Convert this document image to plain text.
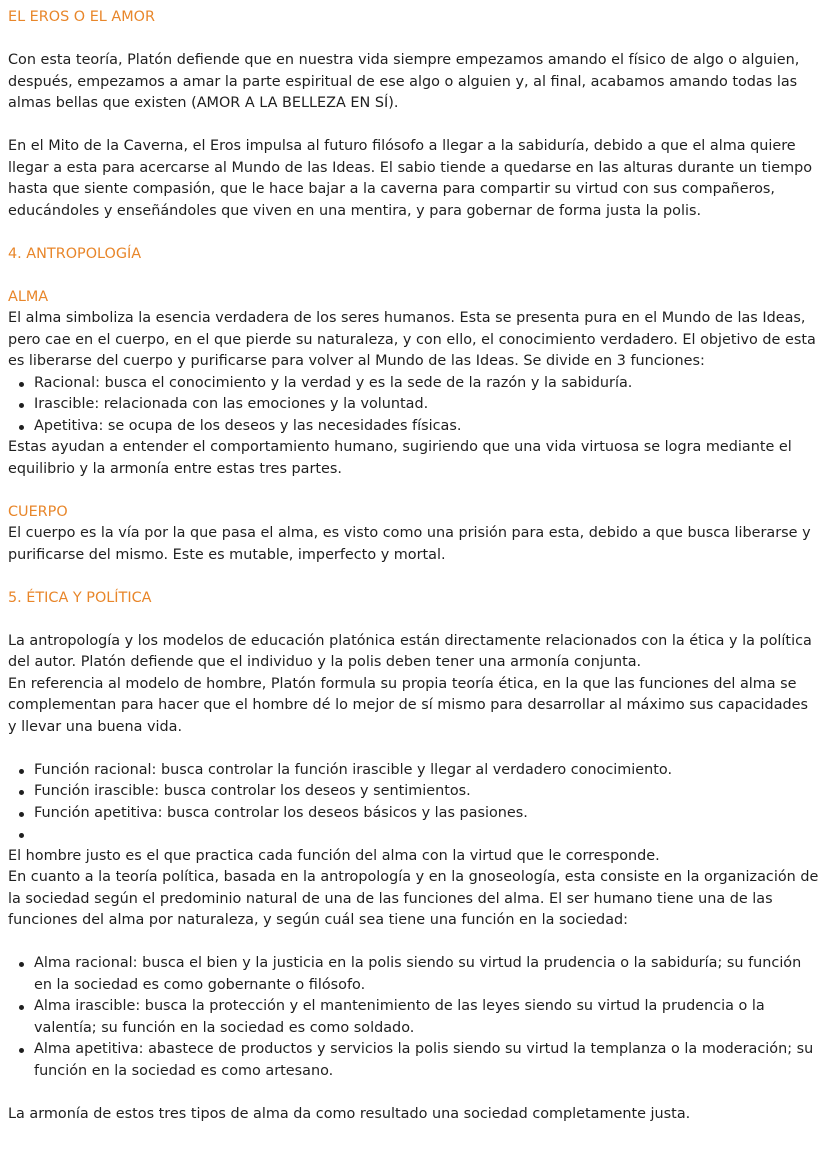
EL EROS O EL AMOR

Con esta teoría, Platón defiende que en nuestra vida siempre empezamos amando el físico de algo o alguien, después, empezamos a amar la parte espiritual de ese algo o alguien y, al final, acabamos amando todas las almas bellas que existen (AMOR A LA BELLEZA EN SÍ).

En el Mito de la Caverna, el Eros impulsa al futuro filósofo a llegar a la sabiduría, debido a que el alma quiere llegar a esta para acercarse al Mundo de las Ideas. El sabio tiende a quedarse en las alturas durante un tiempo hasta que siente compasión, que le hace bajar a la caverna para compartir su virtud con sus compañeros, educándoles y enseñándoles que viven en una mentira, y para gobernar de forma justa la polis.

4. ANTROPOLOGÍA

ALMA

El alma simboliza la esencia verdadera de los seres humanos. Esta se presenta pura en el Mundo de las Ideas, pero cae en el cuerpo, en el que pierde su naturaleza, y con ello, el conocimiento verdadero. El objetivo de esta es liberarse del cuerpo y purificarse para volver al Mundo de las Ideas. Se divide en 3 funciones:

Racional: busca el conocimiento y la verdad y es la sede de la razón y la sabiduría.
Irascible: relacionada con las emociones y la voluntad.
Apetitiva: se ocupa de los deseos y las necesidades físicas.

Estas ayudan a entender el comportamiento humano, sugiriendo que una vida virtuosa se logra mediante el equilibrio y la armonía entre estas tres partes.

CUERPO

El cuerpo es la vía por la que pasa el alma, es visto como una prisión para esta, debido a que busca liberarse y purificarse del mismo. Este es mutable, imperfecto y mortal.

5. ÉTICA Y POLÍTICA

La antropología y los modelos de educación platónica están directamente relacionados con la ética y la política del autor. Platón defiende que el individuo y la polis deben tener una armonía conjunta.

En referencia al modelo de hombre, Platón formula su propia teoría ética, en la que las funciones del alma se complementan para hacer que el hombre dé lo mejor de sí mismo para desarrollar al máximo sus capacidades y llevar una buena vida.

Función racional: busca controlar la función irascible y llegar al verdadero conocimiento.
Función irascible: busca controlar los deseos y sentimientos.
Función apetitiva: busca controlar los deseos básicos y las pasiones.

El hombre justo es el que practica cada función del alma con la virtud que le corresponde.

En cuanto a la teoría política, basada en la antropología y en la gnoseología, esta consiste en la organización de la sociedad según el predominio natural de una de las funciones del alma. El ser humano tiene una de las funciones del alma por naturaleza, y según cuál sea tiene una función en la sociedad:

Alma racional: busca el bien y la justicia en la polis siendo su virtud la prudencia o la sabiduría; su función en la sociedad es como gobernante o filósofo.
Alma irascible: busca la protección y el mantenimiento de las leyes siendo su virtud la prudencia o la valentía; su función en la sociedad es como soldado.
Alma apetitiva: abastece de productos y servicios la polis siendo su virtud la templanza o la moderación; su función en la sociedad es como artesano.

La armonía de estos tres tipos de alma da como resultado una sociedad completamente justa.
